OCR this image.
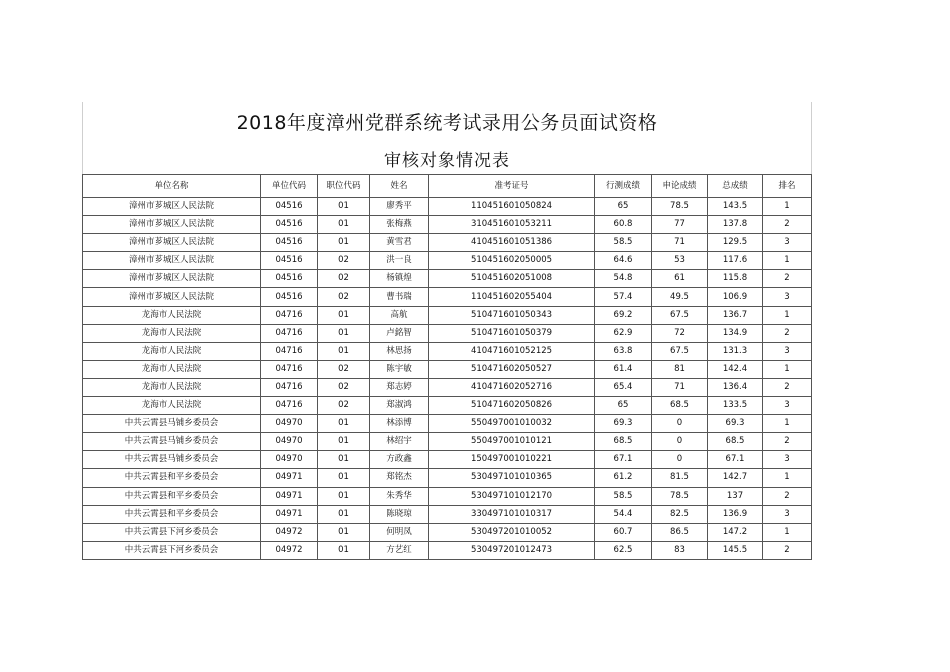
2018年度漳州党群系统考试录用公务员面试资格
审核对象情况表
单位名称	单位代码	职位代码	姓名	准考证号	行测成绩	申论成绩	总成绩	排名
漳州市芗城区人民法院	04516	01	廖秀平	110451601050824	65	78.5	143.5	1
漳州市芗城区人民法院	04516	01	张梅燕	310451601053211	60.8	77	137.8	2
漳州市芗城区人民法院	04516	01	黄雪君	410451601051386	58.5	71	129.5	3
漳州市芗城区人民法院	04516	02	洪一良	510451602050005	64.6	53	117.6	1
漳州市芗城区人民法院	04516	02	杨镇煌	510451602051008	54.8	61	115.8	2
漳州市芗城区人民法院	04516	02	曹书瑞	110451602055404	57.4	49.5	106.9	3
龙海市人民法院	04716	01	高航	510471601050343	69.2	67.5	136.7	1
龙海市人民法院	04716	01	卢銘智	510471601050379	62.9	72	134.9	2
龙海市人民法院	04716	01	林思扬	410471601052125	63.8	67.5	131.3	3
龙海市人民法院	04716	02	陈宇敏	510471602050527	61.4	81	142.4	1
龙海市人民法院	04716	02	郑志婷	410471602052716	65.4	71	136.4	2
龙海市人民法院	04716	02	郑淑鸿	510471602050826	65	68.5	133.5	3
中共云霄县马铺乡委员会	04970	01	林添博	550497001010032	69.3	0	69.3	1
中共云霄县马铺乡委员会	04970	01	林绍宇	550497001010121	68.5	0	68.5	2
中共云霄县马铺乡委员会	04970	01	方政鑫	150497001010221	67.1	0	67.1	3
中共云霄县和平乡委员会	04971	01	郑铭杰	530497101010365	61.2	81.5	142.7	1
中共云霄县和平乡委员会	04971	01	朱秀华	530497101012170	58.5	78.5	137	2
中共云霄县和平乡委员会	04971	01	陈晓琼	330497101010317	54.4	82.5	136.9	3
中共云霄县下河乡委员会	04972	01	何明凤	530497201010052	60.7	86.5	147.2	1
中共云霄县下河乡委员会	04972	01	方艺红	530497201012473	62.5	83	145.5	2
